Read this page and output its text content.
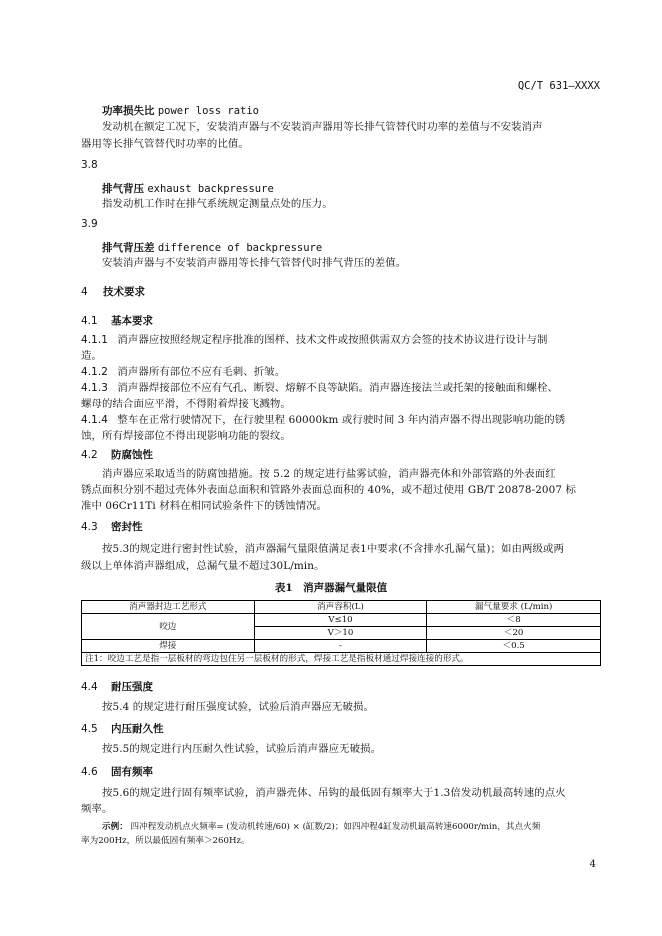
QC/T 631—XXXX
功率损失比 power loss ratio
发动机在额定工况下，安装消声器与不安装消声器用等长排气管替代时功率的差值与不安装消声
器用等长排气管替代时功率的比值。
3.8
排气背压 exhaust backpressure
指发动机工作时在排气系统规定测量点处的压力。
3.9
排气背压差 difference of backpressure
安装消声器与不安装消声器用等长排气管替代时排气背压的差值。
4 技术要求
4.1 基本要求
4.1.1 消声器应按照经规定程序批准的图样、技术文件或按照供需双方会签的技术协议进行设计与制
造。
4.1.2 消声器所有部位不应有毛刺、折皱。
4.1.3 消声器焊接部位不应有气孔、断裂、熔解不良等缺陷。消声器连接法兰或托架的接触面和螺栓、
螺母的结合面应平滑，不得附着焊接飞溅物。
4.1.4 整车在正常行驶情况下，在行驶里程 60000km 或行驶时间 3 年内消声器不得出现影响功能的锈
蚀，所有焊接部位不得出现影响功能的裂纹。
4.2 防腐蚀性
消声器应采取适当的防腐蚀措施。按 5.2 的规定进行盐雾试验，消声器壳体和外部管路的外表面红
锈点面积分别不超过壳体外表面总面积和管路外表面总面积的 40%，或不超过使用 GB/T 20878-2007 标
准中 06Cr11Ti 材料在相同试验条件下的锈蚀情况。
4.3 密封性
按5.3的规定进行密封性试验，消声器漏气量限值满足表1中要求(不含排水孔漏气量)；如由两级或两
级以上单体消声器组成，总漏气量不超过30L/min。
表1　消声器漏气量限值
消声器封边工艺形式	消声容积(L)	漏气量要求 (L/min)
咬边	V≤10	＜8
	V＞10	＜20
焊接	-	＜0.5
注1：咬边工艺是指一层板材的弯边包住另一层板材的形式，焊接工艺是指板材通过焊接连接的形式。		
4.4 耐压强度
按5.4 的规定进行耐压强度试验，试验后消声器应无破损。
4.5 内压耐久性
按5.5的规定进行内压耐久性试验，试验后消声器应无破损。
4.6 固有频率
按5.6的规定进行固有频率试验，消声器壳体、吊钩的最低固有频率大于1.3倍发动机最高转速的点火
频率。
示例： 四冲程发动机点火频率= (发动机转速/60) × (缸数/2)；如四冲程4缸发动机最高转速6000r/min，其点火频
率为200Hz，所以最低固有频率＞260Hz。
4
